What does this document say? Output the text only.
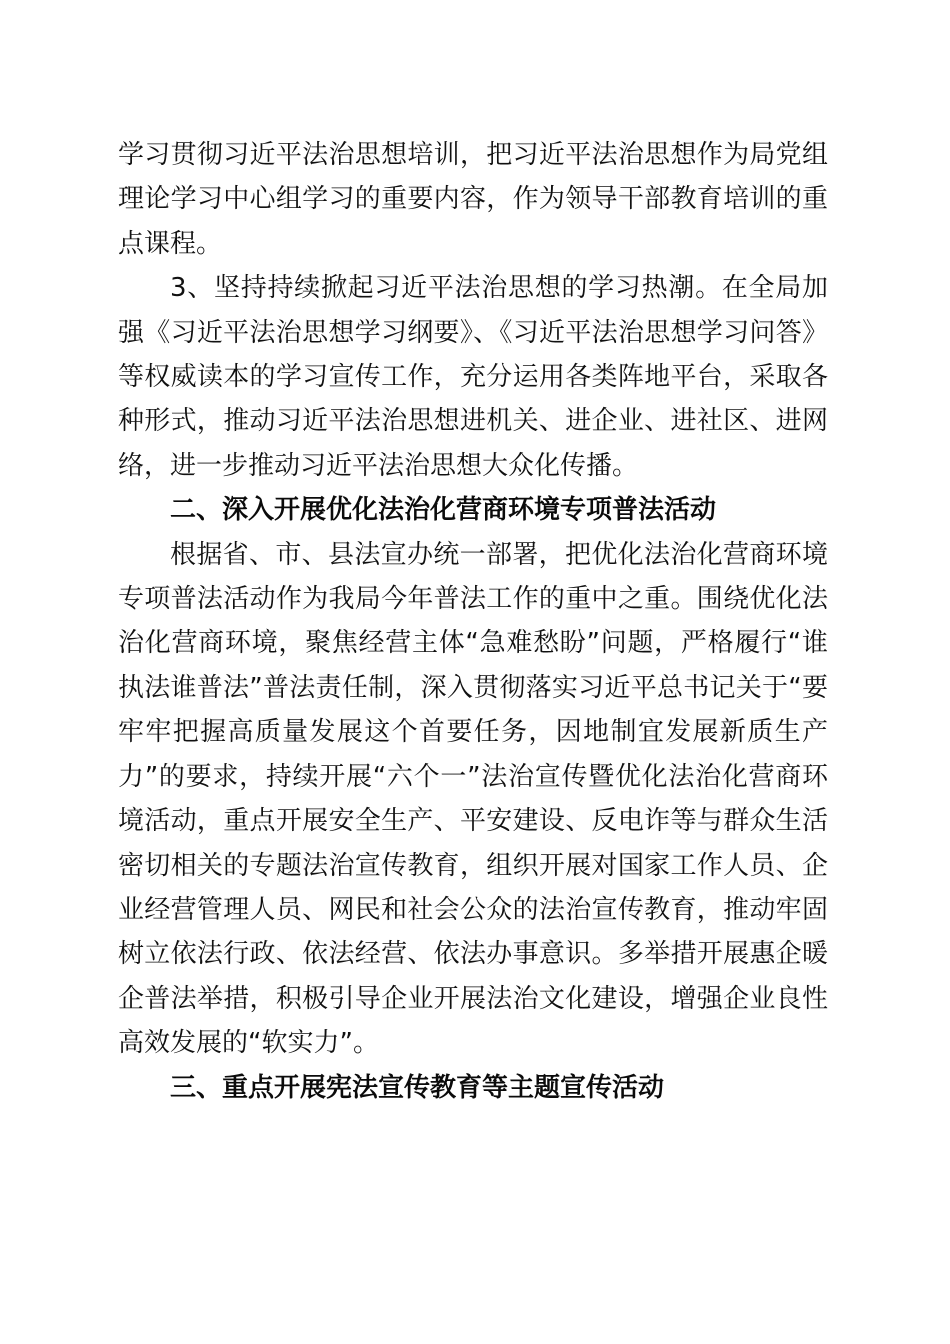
学习贯彻习近平法治思想培训，把习近平法治思想作为局党组理论学习中心组学习的重要内容，作为领导干部教育培训的重点课程。

3、坚持持续掀起习近平法治思想的学习热潮。在全局加强《习近平法治思想学习纲要》、《习近平法治思想学习问答》等权威读本的学习宣传工作，充分运用各类阵地平台，采取各种形式，推动习近平法治思想进机关、进企业、进社区、进网络，进一步推动习近平法治思想大众化传播。

二、深入开展优化法治化营商环境专项普法活动

根据省、市、县法宣办统一部署，把优化法治化营商环境专项普法活动作为我局今年普法工作的重中之重。围绕优化法治化营商环境，聚焦经营主体“急难愁盼”问题，严格履行“谁执法谁普法”普法责任制，深入贯彻落实习近平总书记关于“要牢牢把握高质量发展这个首要任务，因地制宜发展新质生产力”的要求，持续开展“六个一”法治宣传暨优化法治化营商环境活动，重点开展安全生产、平安建设、反电诈等与群众生活密切相关的专题法治宣传教育，组织开展对国家工作人员、企业经营管理人员、网民和社会公众的法治宣传教育，推动牢固树立依法行政、依法经营、依法办事意识。多举措开展惠企暖企普法举措，积极引导企业开展法治文化建设，增强企业良性高效发展的“软实力”。

三、重点开展宪法宣传教育等主题宣传活动
